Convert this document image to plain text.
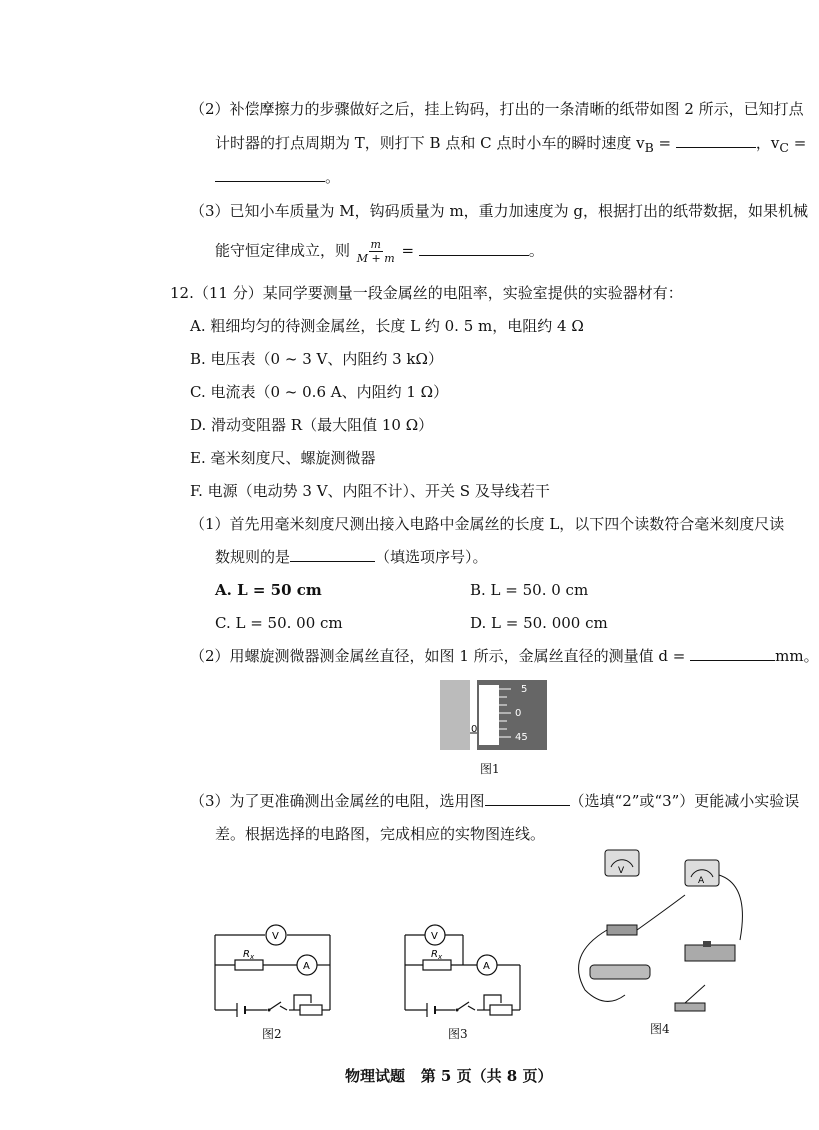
（2）补偿摩擦力的步骤做好之后，挂上钩码，打出的一条清晰的纸带如图 2 所示，已知打点
计时器的打点周期为 T，则打下 B 点和 C 点时小车的瞬时速度 $v_B$ =	，$v_C$ =
。
（3）已知小车质量为 M，钩码质量为 m，重力加速度为 g，根据打出的纸带数据，如果机械
能守恒定律成立，则 $\frac{m}{M + m}$ =	。
12.（11 分）某同学要测量一段金属丝的电阻率，实验室提供的实验器材有：
A. 粗细均匀的待测金属丝，长度 L 约 0. 5 m，电阻约 4 Ω
B. 电压表（0 ~ 3 V、内阻约 3 kΩ）
C. 电流表（0 ~ 0.6 A、内阻约 1 Ω）
D. 滑动变阻器 R（最大阻值 10 Ω）
E. 毫米刻度尺、螺旋测微器
F. 电源（电动势 3 V、内阻不计）、开关 S 及导线若干
（1）首先用毫米刻度尺测出接入电路中金属丝的长度 L，以下四个读数符合毫米刻度尺读
数规则的是	（填选项序号）。
A. L = 50 cm	B. L = 50. 0 cm
C. L = 50. 00 cm	D. L = 50. 000 cm
（2）用螺旋测微器测金属丝直径，如图 1 所示，金属丝直径的测量值 d =	mm。
5
0
45
0
图1
（3）为了更准确测出金属丝的电阻，选用图	（选填“2”或“3”）更能减小实验误
差。根据选择的电路图，完成相应的实物图连线。
V
$R_x$
A
图2
V
$R_x$
A
图3
V
A
图4
物理试题 第 5 页（共 8 页）
